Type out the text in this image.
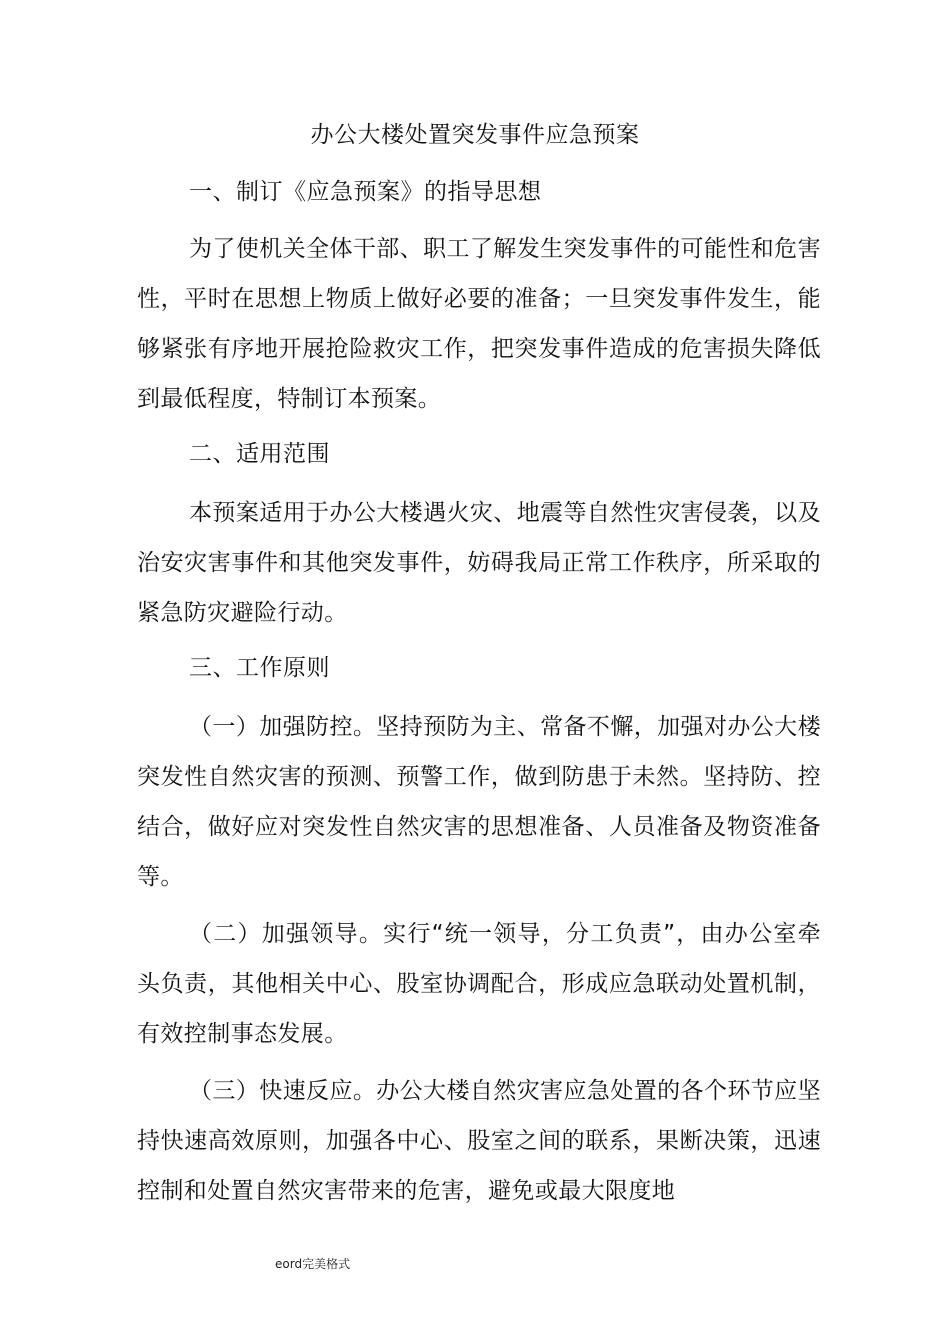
办公大楼处置突发事件应急预案
一、制订《应急预案》的指导思想
为了使机关全体干部、职工了解发生突发事件的可能性和危害性，平时在思想上物质上做好必要的准备；一旦突发事件发生，能够紧张有序地开展抢险救灾工作，把突发事件造成的危害损失降低到最低程度，特制订本预案。
二、适用范围
本预案适用于办公大楼遇火灾、地震等自然性灾害侵袭，以及治安灾害事件和其他突发事件，妨碍我局正常工作秩序，所采取的紧急防灾避险行动。
三、工作原则
（一）加强防控。坚持预防为主、常备不懈，加强对办公大楼突发性自然灾害的预测、预警工作，做到防患于未然。坚持防、控结合，做好应对突发性自然灾害的思想准备、人员准备及物资准备等。
（二）加强领导。实行“统一领导，分工负责”，由办公室牵头负责，其他相关中心、股室协调配合，形成应急联动处置机制，有效控制事态发展。
（三）快速反应。办公大楼自然灾害应急处置的各个环节应坚持快速高效原则，加强各中心、股室之间的联系，果断决策，迅速控制和处置自然灾害带来的危害，避免或最大限度地
eord完美格式
